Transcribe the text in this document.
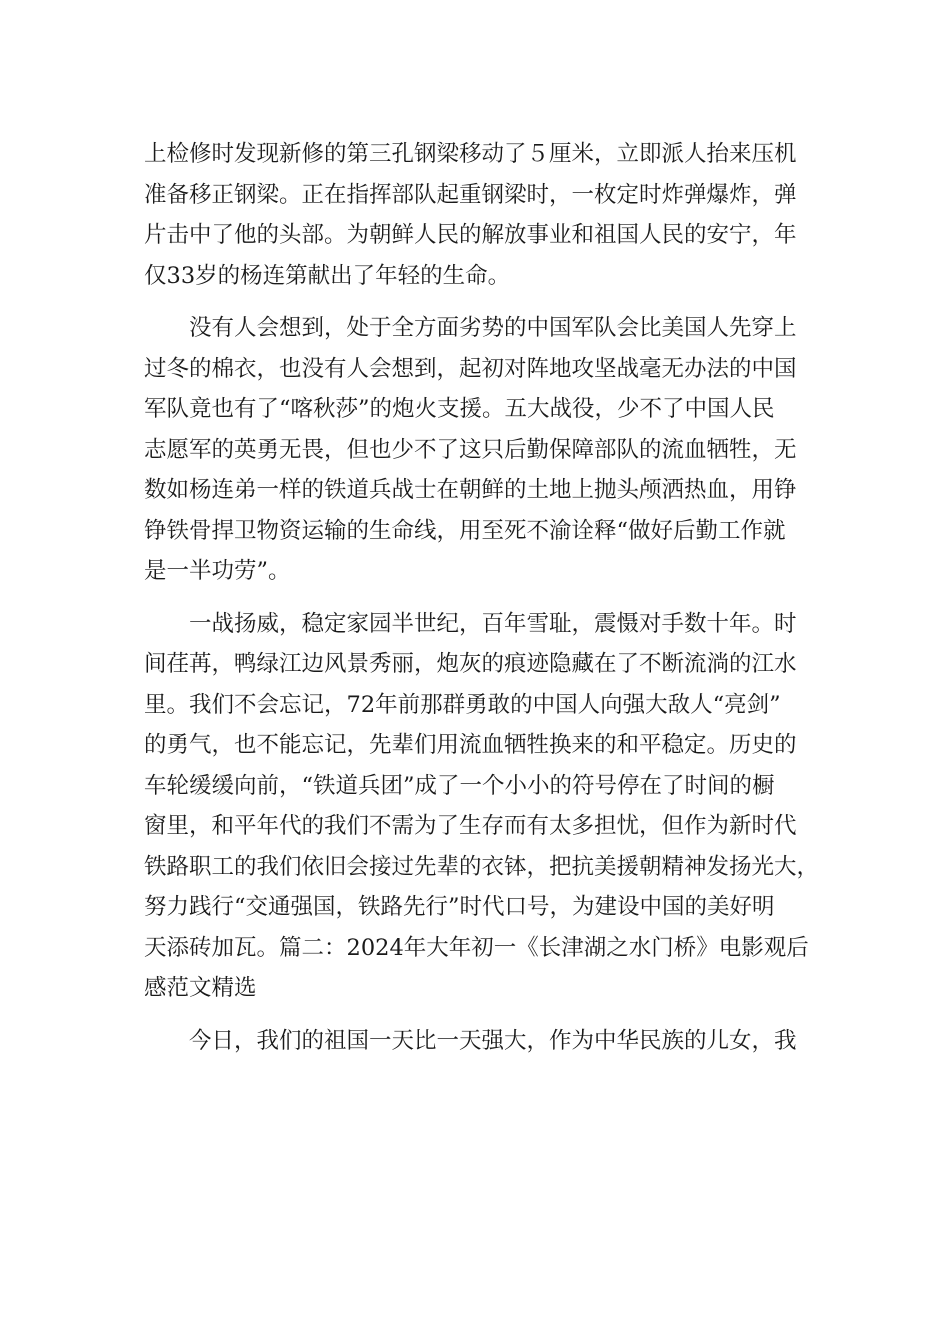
上检修时发现新修的第三孔钢梁移动了５厘米，立即派人抬来压机
准备移正钢梁。正在指挥部队起重钢梁时，一枚定时炸弹爆炸，弹
片击中了他的头部。为朝鲜人民的解放事业和祖国人民的安宁，年
仅33岁的杨连第献出了年轻的生命。
没有人会想到，处于全方面劣势的中国军队会比美国人先穿上
过冬的棉衣，也没有人会想到，起初对阵地攻坚战毫无办法的中国
军队竟也有了“喀秋莎”的炮火支援。五大战役，少不了中国人民
志愿军的英勇无畏，但也少不了这只后勤保障部队的流血牺牲，无
数如杨连弟一样的铁道兵战士在朝鲜的土地上抛头颅洒热血，用铮
铮铁骨捍卫物资运输的生命线，用至死不渝诠释“做好后勤工作就
是一半功劳”。
一战扬威，稳定家园半世纪，百年雪耻，震慑对手数十年。时
间荏苒，鸭绿江边风景秀丽，炮灰的痕迹隐藏在了不断流淌的江水
里。我们不会忘记，72年前那群勇敢的中国人向强大敌人“亮剑”
的勇气，也不能忘记，先辈们用流血牺牲换来的和平稳定。历史的
车轮缓缓向前，“铁道兵团”成了一个小小的符号停在了时间的橱
窗里，和平年代的我们不需为了生存而有太多担忧，但作为新时代
铁路职工的我们依旧会接过先辈的衣钵，把抗美援朝精神发扬光大，
努力践行“交通强国，铁路先行”时代口号，为建设中国的美好明
天添砖加瓦。篇二：2024年大年初一《长津湖之水门桥》电影观后
感范文精选
今日，我们的祖国一天比一天强大，作为中华民族的儿女，我
